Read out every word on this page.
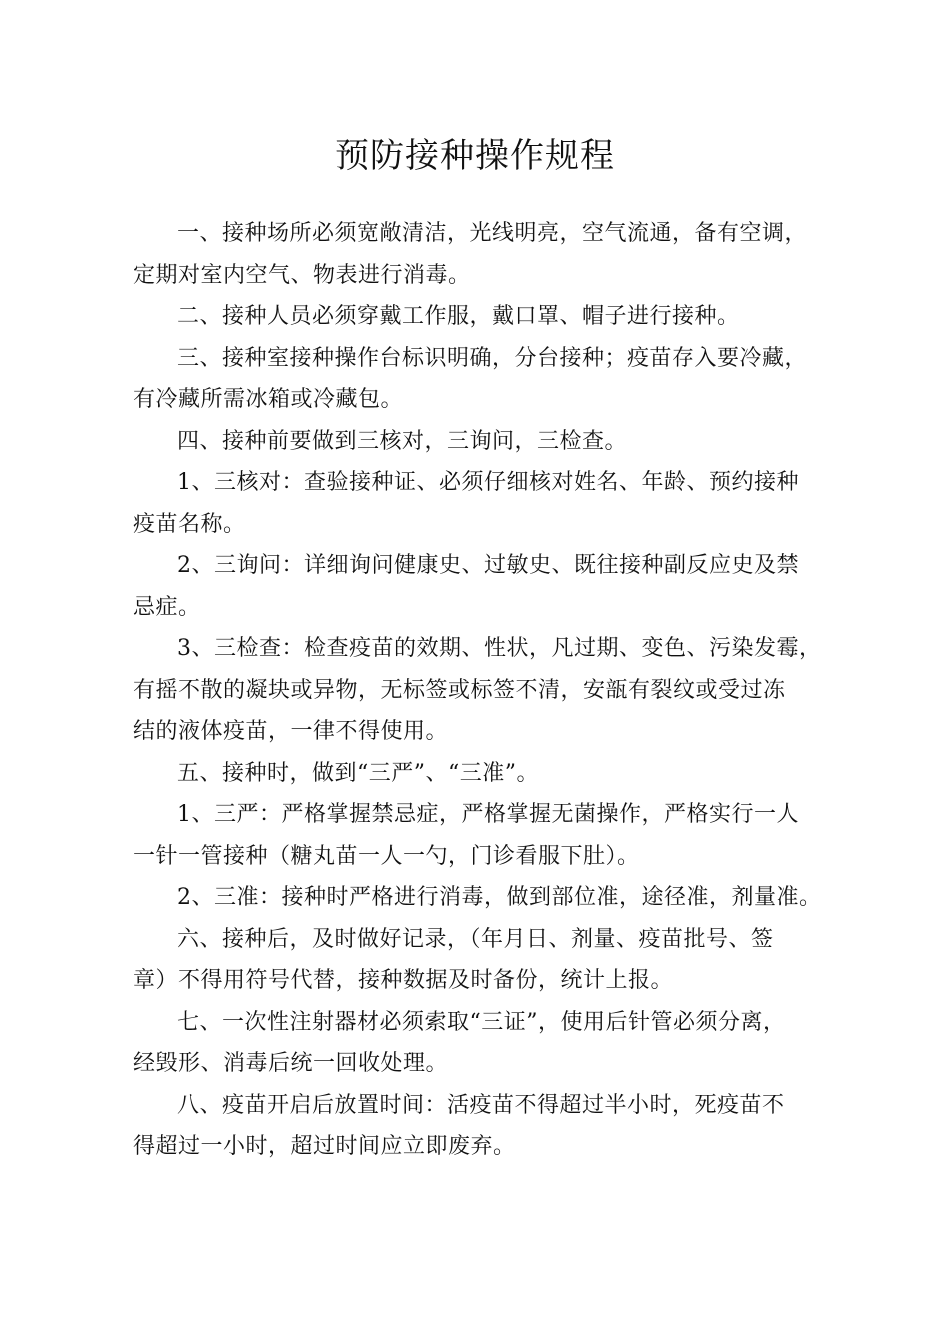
预防接种操作规程

一、接种场所必须宽敞清洁，光线明亮，空气流通，备有空调，
定期对室内空气、物表进行消毒。

二、接种人员必须穿戴工作服，戴口罩、帽子进行接种。

三、接种室接种操作台标识明确，分台接种；疫苗存入要冷藏，
有冷藏所需冰箱或冷藏包。

四、接种前要做到三核对，三询问，三检查。

1、三核对：查验接种证、必须仔细核对姓名、年龄、预约接种
疫苗名称。

2、三询问：详细询问健康史、过敏史、既往接种副反应史及禁
忌症。

3、三检查：检查疫苗的效期、性状，凡过期、变色、污染发霉，
有摇不散的凝块或异物，无标签或标签不清，安瓿有裂纹或受过冻
结的液体疫苗，一律不得使用。

五、接种时，做到“三严”、“三准”。

1、三严：严格掌握禁忌症，严格掌握无菌操作，严格实行一人
一针一管接种（糖丸苗一人一勺，门诊看服下肚）。

2、三准：接种时严格进行消毒，做到部位准，途径准，剂量准。

六、接种后，及时做好记录，（年月日、剂量、疫苗批号、签
章）不得用符号代替，接种数据及时备份，统计上报。

七、一次性注射器材必须索取“三证”，使用后针管必须分离，
经毁形、消毒后统一回收处理。

八、疫苗开启后放置时间：活疫苗不得超过半小时，死疫苗不
得超过一小时，超过时间应立即废弃。
